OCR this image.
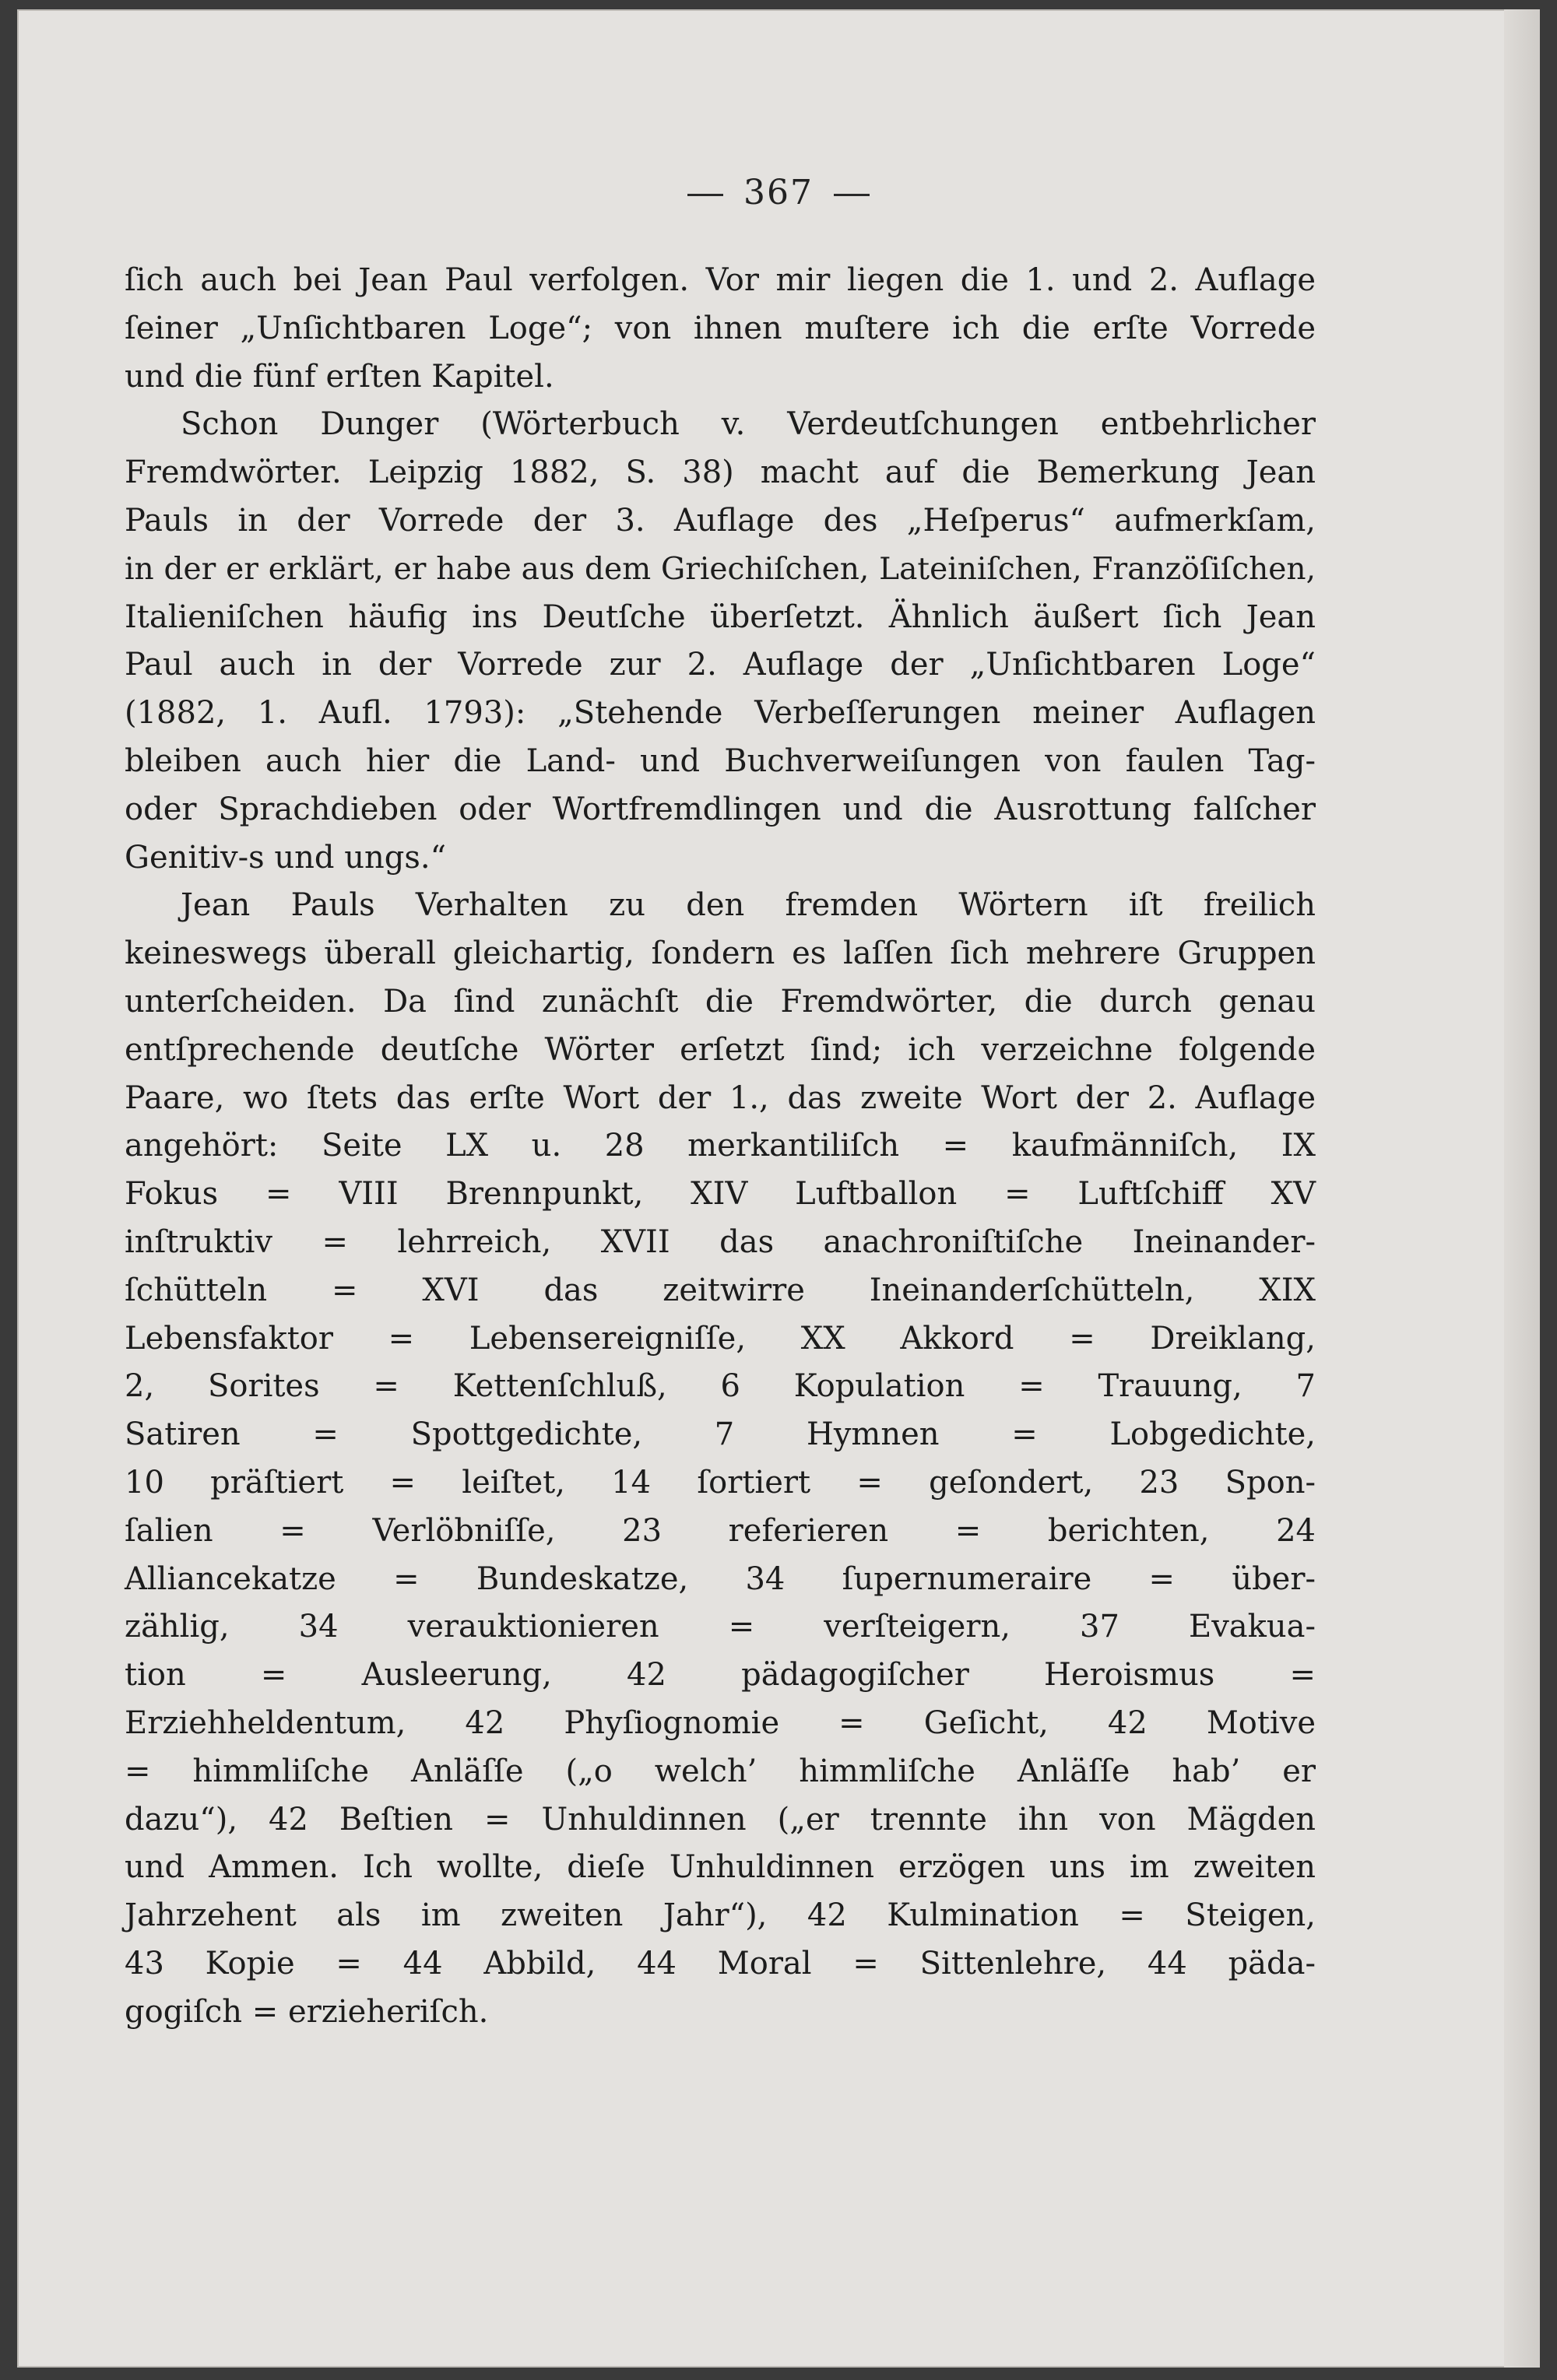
367
ſich auch bei Jean Paul verfolgen. Vor mir liegen die 1. und 2. Auflage
ſeiner „Unſichtbaren Loge“; von ihnen muſtere ich die erſte Vorrede
und die fünf erſten Kapitel.
Schon Dunger (Wörterbuch v. Verdeutſchungen entbehrlicher
Fremdwörter. Leipzig 1882, S. 38) macht auf die Bemerkung Jean
Pauls in der Vorrede der 3. Auflage des „Heſperus“ aufmerkſam,
in der er erklärt, er habe aus dem Griechiſchen, Lateiniſchen, Franzöſiſchen,
Italieniſchen häufig ins Deutſche überſetzt. Ähnlich äußert ſich Jean
Paul auch in der Vorrede zur 2. Auflage der „Unſichtbaren Loge“
(1882, 1. Aufl. 1793): „Stehende Verbeſſerungen meiner Auflagen
bleiben auch hier die Land- und Buchverweiſungen von faulen Tag-
oder Sprachdieben oder Wortfremdlingen und die Ausrottung falſcher
Genitiv-s und ungs.“
Jean Pauls Verhalten zu den fremden Wörtern iſt freilich
keineswegs überall gleichartig, ſondern es laſſen ſich mehrere Gruppen
unterſcheiden. Da ſind zunächſt die Fremdwörter, die durch genau
entſprechende deutſche Wörter erſetzt ſind; ich verzeichne folgende
Paare, wo ſtets das erſte Wort der 1., das zweite Wort der 2. Auflage
angehört: Seite LX u. 28 merkantiliſch = kaufmänniſch, IX
Fokus = VIII Brennpunkt, XIV Luftballon = Luftſchiff XV
inſtruktiv = lehrreich, XVII das anachroniſtiſche Ineinander-
ſchütteln = XVI das zeitwirre Ineinanderſchütteln, XIX
Lebensfaktor = Lebensereigniſſe, XX Akkord = Dreiklang,
2, Sorites = Kettenſchluß, 6 Kopulation = Trauung, 7
Satiren = Spottgedichte, 7 Hymnen = Lobgedichte,
10 präſtiert = leiſtet, 14 ſortiert = geſondert, 23 Spon-
ſalien = Verlöbniſſe, 23 referieren = berichten, 24
Alliancekatze = Bundeskatze, 34 ſupernumeraire = über-
zählig, 34 verauktionieren = verſteigern, 37 Evakua-
tion = Ausleerung, 42 pädagogiſcher Heroismus =
Erziehheldentum, 42 Phyſiognomie = Geſicht, 42 Motive
= himmliſche Anläſſe („o welch’ himmliſche Anläſſe hab’ er
dazu“), 42 Beſtien = Unhuldinnen („er trennte ihn von Mägden
und Ammen. Ich wollte, dieſe Unhuldinnen erzögen uns im zweiten
Jahrzehent als im zweiten Jahr“), 42 Kulmination = Steigen,
43 Kopie = 44 Abbild, 44 Moral = Sittenlehre, 44 päda-
gogiſch = erzieheriſch.
